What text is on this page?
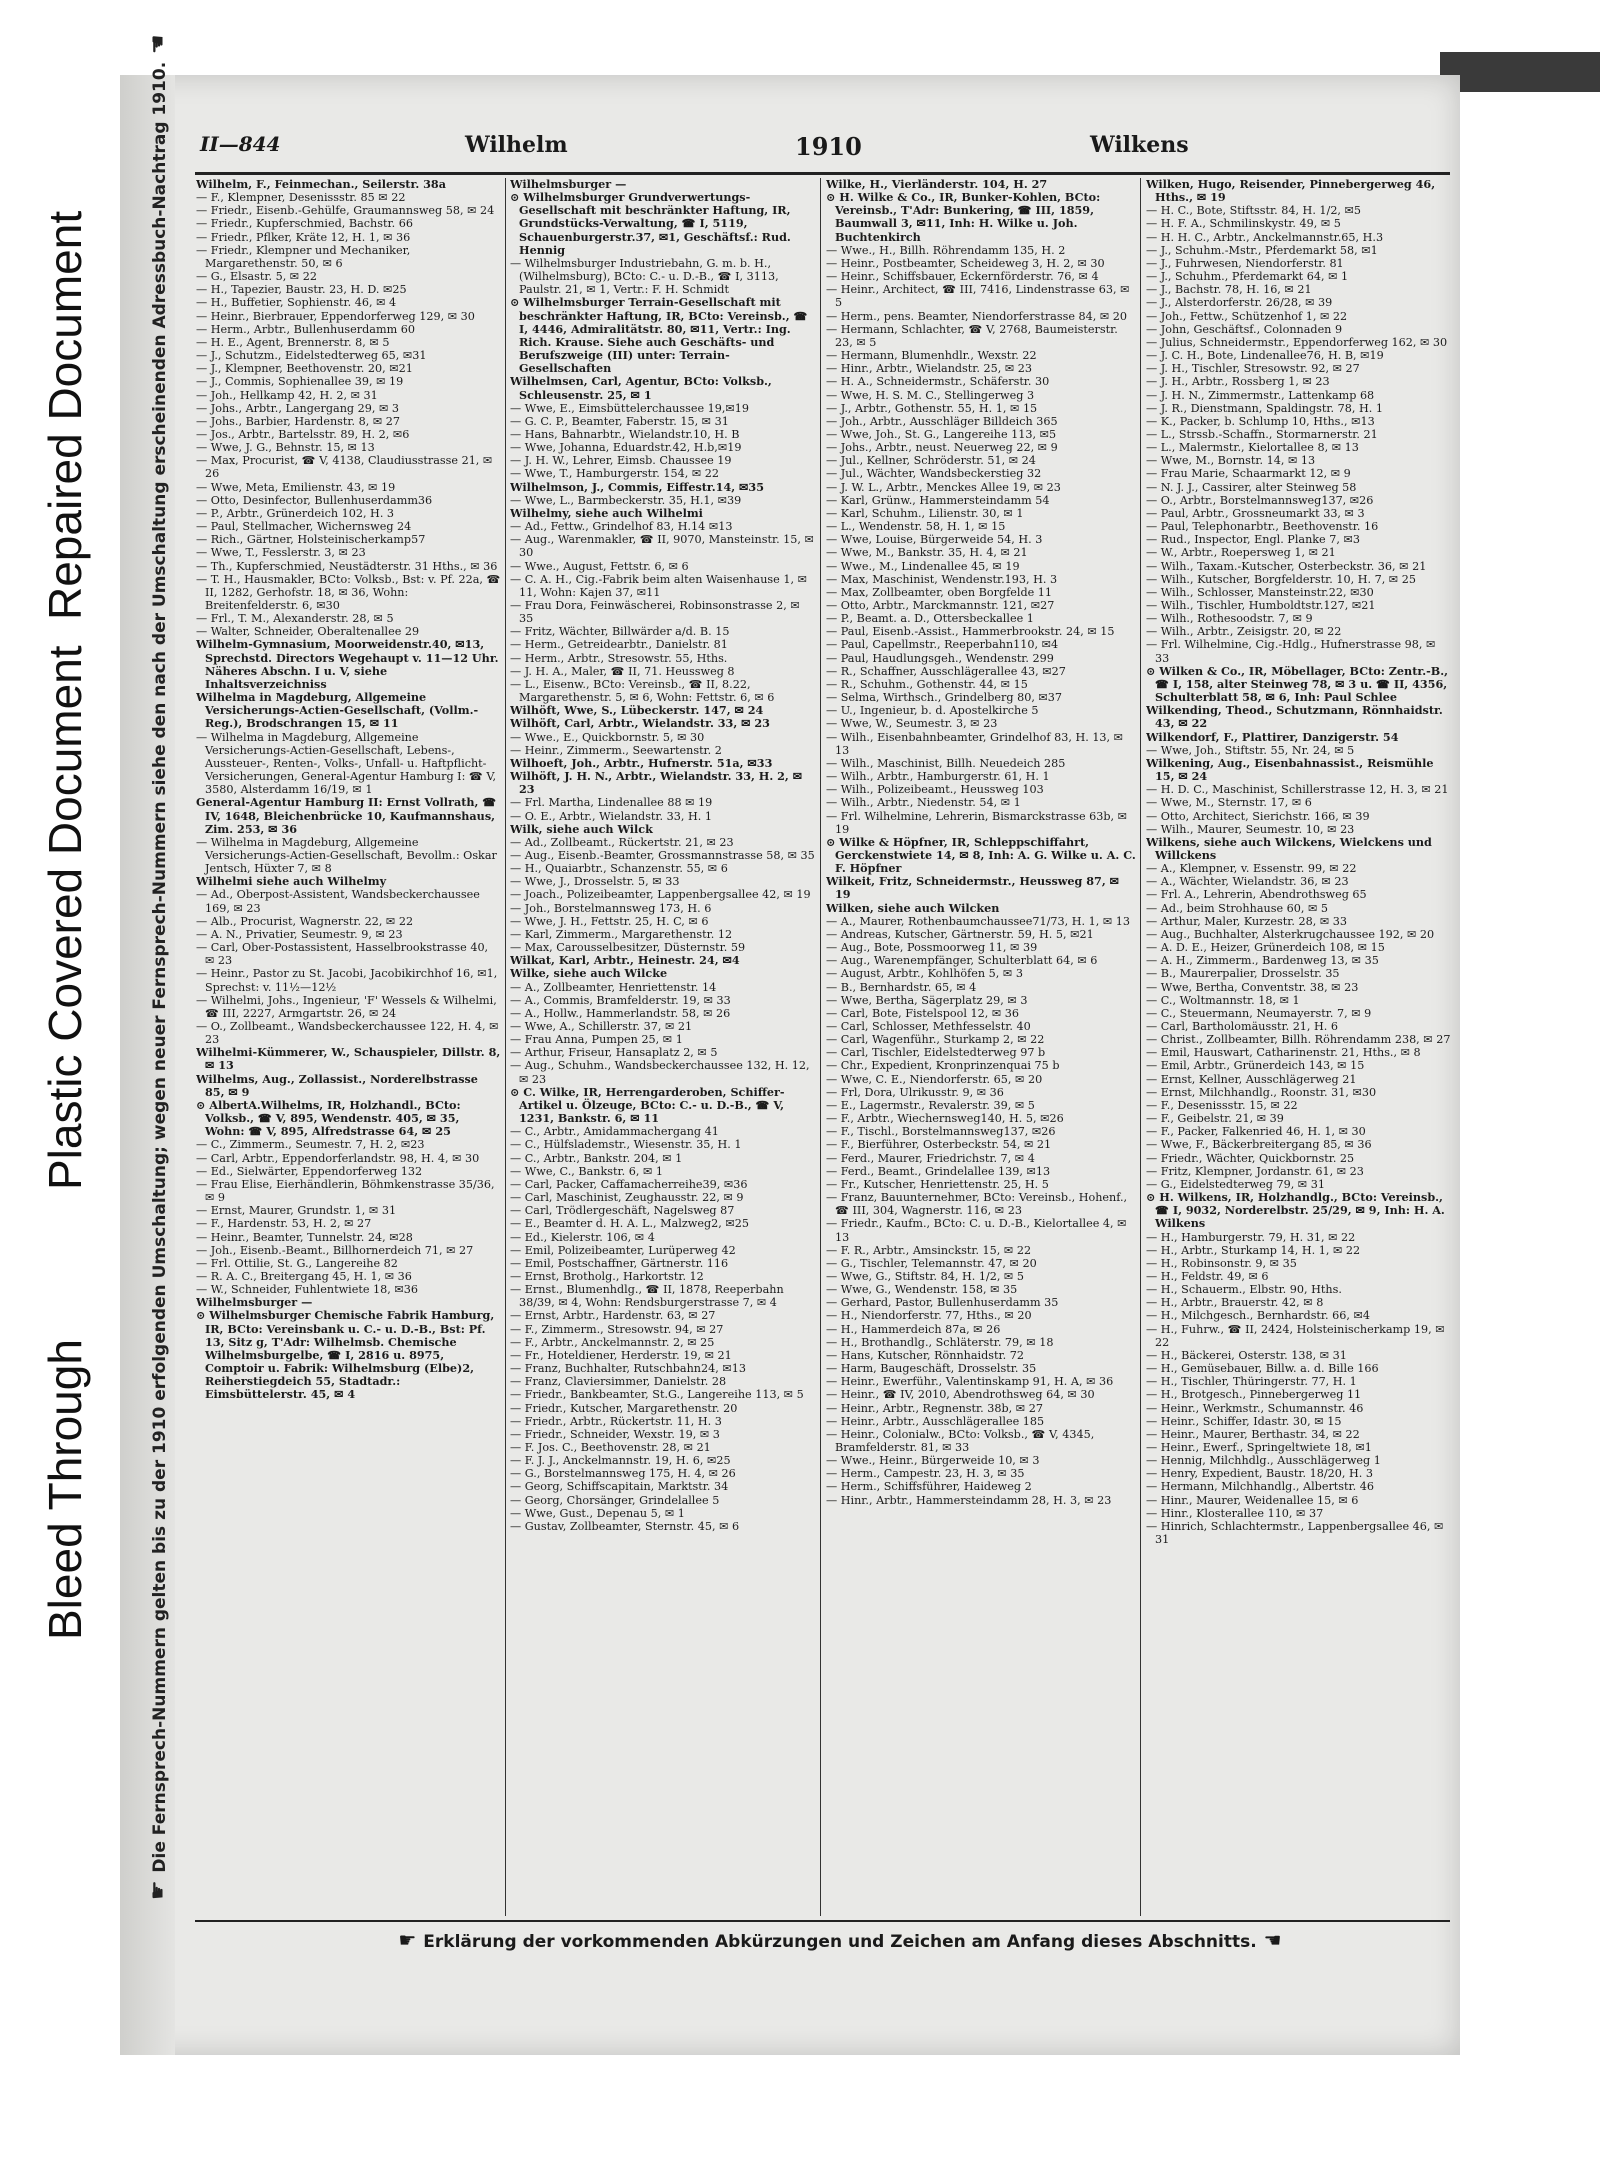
Repaired Document
Plastic Covered Document
Bleed Through
☛ Die Fernsprech-Nummern gelten bis zu der 1910 erfolgenden Umschaltung; wegen neuer Fernsprech-Nummern siehe den nach der Umschaltung erscheinenden Adressbuch-Nachtrag 1910. ☚
II—844	Wilhelm	1910	Wilkens

Wilhelm, F., Feinmechan., Seilerstr. 38a

— F., Klempner, Desenissstr. 85 ✉ 22

— Friedr., Eisenb.-Gehülfe, Graumannsweg 58, ✉ 24

— Friedr., Kupferschmied, Bachstr. 66

— Friedr., Pflker, Kräte 12, H. 1, ✉ 36

— Friedr., Klempner und Mechaniker, Margarethenstr. 50, ✉ 6

— G., Elsastr. 5, ✉ 22

— H., Tapezier, Baustr. 23, H. D. ✉25

— H., Buffetier, Sophienstr. 46, ✉ 4

— Heinr., Bierbrauer, Eppendorferweg 129, ✉ 30

— Herm., Arbtr., Bullenhuserdamm 60

— H. E., Agent, Brennerstr. 8, ✉ 5

— J., Schutzm., Eidelstedterweg 65, ✉31

— J., Klempner, Beethovenstr. 20, ✉21

— J., Commis, Sophienallee 39, ✉ 19

— Joh., Hellkamp 42, H. 2, ✉ 31

— Johs., Arbtr., Langergang 29, ✉ 3

— Johs., Barbier, Hardenstr. 8, ✉ 27

— Jos., Arbtr., Bartelsstr. 89, H. 2, ✉6

— Wwe, J. G., Behnstr. 15, ✉ 13

— Max, Procurist, ☎ V, 4138, Claudiusstrasse 21, ✉ 26

— Wwe, Meta, Emilienstr. 43, ✉ 19

— Otto, Desinfector, Bullenhuserdamm36

— P., Arbtr., Grünerdeich 102, H. 3

— Paul, Stellmacher, Wichernsweg 24

— Rich., Gärtner, Holsteinischerkamp57

— Wwe, T., Fesslerstr. 3, ✉ 23

— Th., Kupferschmied, Neustädterstr. 31 Hths., ✉ 36

— T. H., Hausmakler, BCto: Volksb., Bst: v. Pf. 22a, ☎ II, 1282, Gerhofstr. 18, ✉ 36, Wohn: Breitenfelderstr. 6, ✉30

— Frl., T. M., Alexanderstr. 28, ✉ 5

— Walter, Schneider, Oberaltenallee 29

Wilhelm-Gymnasium, Moorweidenstr.40, ✉13, Sprechstd. Directors Wegehaupt v. 11—12 Uhr. Näheres Abschn. I u. V, siehe Inhaltsverzeichniss

Wilhelma in Magdeburg, Allgemeine Versicherungs-Actien-Gesellschaft, (Vollm.-Reg.), Brodschrangen 15, ✉ 11

— Wilhelma in Magdeburg, Allgemeine Versicherungs-Actien-Gesellschaft, Lebens-, Aussteuer-, Renten-, Volks-, Unfall- u. Haftpflicht-Versicherungen, General-Agentur Hamburg I: ☎ V, 3580, Alsterdamm 16/19, ✉ 1

General-Agentur Hamburg II: Ernst Vollrath, ☎ IV, 1648, Bleichenbrücke 10, Kaufmannshaus, Zim. 253, ✉ 36

— Wilhelma in Magdeburg, Allgemeine Versicherungs-Actien-Gesellschaft, Bevollm.: Oskar Jentsch, Hüxter 7, ✉ 8

Wilhelmi siehe auch Wilhelmy

— Ad., Oberpost-Assistent, Wandsbeckerchaussee 169, ✉ 23

— Alb., Procurist, Wagnerstr. 22, ✉ 22

— A. N., Privatier, Seumestr. 9, ✉ 23

— Carl, Ober-Postassistent, Hasselbrookstrasse 40, ✉ 23

— Heinr., Pastor zu St. Jacobi, Jacobikirchhof 16, ✉1, Sprechst: v. 11½—12½

— Wilhelmi, Johs., Ingenieur, 'F' Wessels & Wilhelmi, ☎ III, 2227, Armgartstr. 26, ✉ 24

— O., Zollbeamt., Wandsbeckerchaussee 122, H. 4, ✉ 23

Wilhelmi-Kümmerer, W., Schauspieler, Dillstr. 8, ✉ 13

Wilhelms, Aug., Zollassist., Norderelbstrasse 85, ✉ 9

⊙ AlbertA.Wilhelms, IR, Holzhandl., BCto: Volksb., ☎ V, 895, Wendenstr. 405, ✉ 35, Wohn: ☎ V, 895, Alfredstrasse 64, ✉ 25

— C., Zimmerm., Seumestr. 7, H. 2, ✉23

— Carl, Arbtr., Eppendorferlandstr. 98, H. 4, ✉ 30

— Ed., Sielwärter, Eppendorferweg 132

— Frau Elise, Eierhändlerin, Böhmkenstrasse 35/36, ✉ 9

— Ernst, Maurer, Grundstr. 1, ✉ 31

— F., Hardenstr. 53, H. 2, ✉ 27

— Heinr., Beamter, Tunnelstr. 24, ✉28

— Joh., Eisenb.-Beamt., Billhornerdeich 71, ✉ 27

— Frl. Ottilie, St. G., Langereihe 82

— R. A. C., Breitergang 45, H. 1, ✉ 36

— W., Schneider, Fuhlentwiete 18, ✉36

Wilhelmsburger —

⊙ Wilhelmsburger Chemische Fabrik Hamburg, IR, BCto: Vereinsbank u. C.- u. D.-B., Bst: Pf. 13, Sitz g, T'Adr: Wilhelmsb. Chemische Wilhelmsburgelbe, ☎ I, 2816 u. 8975, Comptoir u. Fabrik: Wilhelmsburg (Elbe)2, Reiherstiegdeich 55, Stadtadr.: Eimsbüttelerstr. 45, ✉ 4

Wilhelmsburger —

⊙ Wilhelmsburger Grundverwertungs-Gesellschaft mit beschränkter Haftung, IR, Grundstücks-Verwaltung, ☎ I, 5119, Schauenburgerstr.37, ✉1, Geschäftsf.: Rud. Hennig

— Wilhelmsburger Industriebahn, G. m. b. H., (Wilhelmsburg), BCto: C.- u. D.-B., ☎ I, 3113, Paulstr. 21, ✉ 1, Vertr.: F. H. Schmidt

⊙ Wilhelmsburger Terrain-Gesellschaft mit beschränkter Haftung, IR, BCto: Vereinsb., ☎ I, 4446, Admiralitätstr. 80, ✉11, Vertr.: Ing. Rich. Krause. Siehe auch Geschäfts- und Berufszweige (III) unter: Terrain-Gesellschaften

Wilhelmsen, Carl, Agentur, BCto: Volksb., Schleusenstr. 25, ✉ 1

— Wwe, E., Eimsbüttelerchaussee 19,✉19

— G. C. P., Beamter, Faberstr. 15, ✉ 31

— Hans, Bahnarbtr., Wielandstr.10, H. B

— Wwe, Johanna, Eduardstr.42, H.b,✉19

— J. H. W., Lehrer, Eimsb. Chaussee 19

— Wwe, T., Hamburgerstr. 154, ✉ 22

Wilhelmson, J., Commis, Eiffestr.14, ✉35

— Wwe, L., Barmbeckerstr. 35, H.1, ✉39

Wilhelmy, siehe auch Wilhelmi

— Ad., Fettw., Grindelhof 83, H.14 ✉13

— Aug., Warenmakler, ☎ II, 9070, Mansteinstr. 15, ✉ 30

— Wwe., August, Fettstr. 6, ✉ 6

— C. A. H., Cig.-Fabrik beim alten Waisenhause 1, ✉ 11, Wohn: Kajen 37, ✉11

— Frau Dora, Feinwäscherei, Robinsonstrasse 2, ✉ 35

— Fritz, Wächter, Billwärder a/d. B. 15

— Herm., Getreidearbtr., Danielstr. 81

— Herm., Arbtr., Stresowstr. 55, Hths.

— J. H. A., Maler, ☎ II, 71. Heussweg 8

— L., Eisenw., BCto: Vereinsb., ☎ II, 8.22, Margarethenstr. 5, ✉ 6, Wohn: Fettstr. 6, ✉ 6

Wilhöft, Wwe, S., Lübeckerstr. 147, ✉ 24

Wilhöft, Carl, Arbtr., Wielandstr. 33, ✉ 23

— Wwe., E., Quickbornstr. 5, ✉ 30

— Heinr., Zimmerm., Seewartenstr. 2

Wilhoeft, Joh., Arbtr., Hufnerstr. 51a, ✉33

Wilhöft, J. H. N., Arbtr., Wielandstr. 33, H. 2, ✉ 23

— Frl. Martha, Lindenallee 88 ✉ 19

— O. E., Arbtr., Wielandstr. 33, H. 1

Wilk, siehe auch Wilck

— Ad., Zollbeamt., Rückertstr. 21, ✉ 23

— Aug., Eisenb.-Beamter, Grossmannstrasse 58, ✉ 35

— H., Quaiarbtr., Schanzenstr. 55, ✉ 6

— Wwe, J., Drosselstr. 5, ✉ 33

— Joach., Polizeibeamter, Lappenbergsallee 42, ✉ 19

— Joh., Borstelmannsweg 173, H. 6

— Wwe, J. H., Fettstr. 25, H. C, ✉ 6

— Karl, Zimmerm., Margarethenstr. 12

— Max, Carousselbesitzer, Düsternstr. 59

Wilkat, Karl, Arbtr., Heinestr. 24, ✉4

Wilke, siehe auch Wilcke

— A., Zollbeamter, Henriettenstr. 14

— A., Commis, Bramfelderstr. 19, ✉ 33

— A., Hollw., Hammerlandstr. 58, ✉ 26

— Wwe, A., Schillerstr. 37, ✉ 21

— Frau Anna, Pumpen 25, ✉ 1

— Arthur, Friseur, Hansaplatz 2, ✉ 5

— Aug., Schuhm., Wandsbeckerchaussee 132, H. 12, ✉ 23

⊙ C. Wilke, IR, Herrengarderoben, Schiffer-Artikel u. Ölzeuge, BCto: C.- u. D.-B., ☎ V, 1231, Bankstr. 6, ✉ 11

— C., Arbtr., Amidammachergang 41

— C., Hülfslademstr., Wiesenstr. 35, H. 1

— C., Arbtr., Bankstr. 204, ✉ 1

— Wwe, C., Bankstr. 6, ✉ 1

— Carl, Packer, Caffamacherreihe39, ✉36

— Carl, Maschinist, Zeughausstr. 22, ✉ 9

— Carl, Trödlergeschäft, Nagelsweg 87

— E., Beamter d. H. A. L., Malzweg2, ✉25

— Ed., Kielerstr. 106, ✉ 4

— Emil, Polizeibeamter, Lurüperweg 42

— Emil, Postschaffner, Gärtnerstr. 116

— Ernst, Brotholg., Harkortstr. 12

— Ernst., Blumenhdlg., ☎ II, 1878, Reeperbahn 38/39, ✉ 4, Wohn: Rendsburgerstrasse 7, ✉ 4

— Ernst, Arbtr., Hardenstr. 63, ✉ 27

— F., Zimmerm., Stresowstr. 94, ✉ 27

— F., Arbtr., Anckelmannstr. 2, ✉ 25

— Fr., Hoteldiener, Herderstr. 19, ✉ 21

— Franz, Buchhalter, Rutschbahn24, ✉13

— Franz, Claviersimmer, Danielstr. 28

— Friedr., Bankbeamter, St.G., Langereihe 113, ✉ 5

— Friedr., Kutscher, Margarethenstr. 20

— Friedr., Arbtr., Rückertstr. 11, H. 3

— Friedr., Schneider, Wexstr. 19, ✉ 3

— F. Jos. C., Beethovenstr. 28, ✉ 21

— F. J. J., Anckelmannstr. 19, H. 6, ✉25

— G., Borstelmannsweg 175, H. 4, ✉ 26

— Georg, Schiffscapitain, Marktstr. 34

— Georg, Chorsänger, Grindelallee 5

— Wwe, Gust., Depenau 5, ✉ 1

— Gustav, Zollbeamter, Sternstr. 45, ✉ 6

Wilke, H., Vierländerstr. 104, H. 27

⊙ H. Wilke & Co., IR, Bunker-Kohlen, BCto: Vereinsb., T'Adr: Bunkering, ☎ III, 1859, Baumwall 3, ✉11, Inh: H. Wilke u. Joh. Buchtenkirch

— Wwe., H., Billh. Röhrendamm 135, H. 2

— Heinr., Postbeamter, Scheideweg 3, H. 2, ✉ 30

— Heinr., Schiffsbauer, Eckernförderstr. 76, ✉ 4

— Heinr., Architect, ☎ III, 7416, Lindenstrasse 63, ✉ 5

— Herm., pens. Beamter, Niendorferstrasse 84, ✉ 20

— Hermann, Schlachter, ☎ V, 2768, Baumeisterstr. 23, ✉ 5

— Hermann, Blumenhdlr., Wexstr. 22

— Hinr., Arbtr., Wielandstr. 25, ✉ 23

— H. A., Schneidermstr., Schäferstr. 30

— Wwe, H. S. M. C., Stellingerweg 3

— J., Arbtr., Gothenstr. 55, H. 1, ✉ 15

— Joh., Arbtr., Ausschläger Billdeich 365

— Wwe, Joh., St. G., Langereihe 113, ✉5

— Johs., Arbtr., neust. Neuerweg 22, ✉ 9

— Jul., Kellner, Schröderstr. 51, ✉ 24

— Jul., Wächter, Wandsbeckerstieg 32

— J. W. L., Arbtr., Menckes Allee 19, ✉ 23

— Karl, Grünw., Hammersteindamm 54

— Karl, Schuhm., Lilienstr. 30, ✉ 1

— L., Wendenstr. 58, H. 1, ✉ 15

— Wwe, Louise, Bürgerweide 54, H. 3

— Wwe, M., Bankstr. 35, H. 4, ✉ 21

— Wwe., M., Lindenallee 45, ✉ 19

— Max, Maschinist, Wendenstr.193, H. 3

— Max, Zollbeamter, oben Borgfelde 11

— Otto, Arbtr., Marckmannstr. 121, ✉27

— P., Beamt. a. D., Ottersbeckallee 1

— Paul, Eisenb.-Assist., Hammerbrookstr. 24, ✉ 15

— Paul, Capellmstr., Reeperbahn110, ✉4

— Paul, Haudlungsgeh., Wendenstr. 299

— R., Schaffner, Ausschlägerallee 43, ✉27

— R., Schuhm., Gothenstr. 44, ✉ 15

— Selma, Wirthsch., Grindelberg 80, ✉37

— U., Ingenieur, b. d. Apostelkirche 5

— Wwe, W., Seumestr. 3, ✉ 23

— Wilh., Eisenbahnbeamter, Grindelhof 83, H. 13, ✉ 13

— Wilh., Maschinist, Billh. Neuedeich 285

— Wilh., Arbtr., Hamburgerstr. 61, H. 1

— Wilh., Polizeibeamt., Heussweg 103

— Wilh., Arbtr., Niedenstr. 54, ✉ 1

— Frl. Wilhelmine, Lehrerin, Bismarckstrasse 63b, ✉ 19

⊙ Wilke & Höpfner, IR, Schleppschiffahrt, Gerckenstwiete 14, ✉ 8, Inh: A. G. Wilke u. A. C. F. Höpfner

Wilkeit, Fritz, Schneidermstr., Heussweg 87, ✉ 19

Wilken, siehe auch Wilcken

— A., Maurer, Rothenbaumchaussee71/73, H. 1, ✉ 13

— Andreas, Kutscher, Gärtnerstr. 59, H. 5, ✉21

— Aug., Bote, Possmoorweg 11, ✉ 39

— Aug., Warenempfänger, Schulterblatt 64, ✉ 6

— August, Arbtr., Kohlhöfen 5, ✉ 3

— B., Bernhardstr. 65, ✉ 4

— Wwe, Bertha, Sägerplatz 29, ✉ 3

— Carl, Bote, Fistelspool 12, ✉ 36

— Carl, Schlosser, Methfesselstr. 40

— Carl, Wagenführ., Sturkamp 2, ✉ 22

— Carl, Tischler, Eidelstedterweg 97 b

— Chr., Expedient, Kronprinzenquai 75 b

— Wwe, C. E., Niendorferstr. 65, ✉ 20

— Frl, Dora, Ulrikusstr. 9, ✉ 36

— E., Lagermstr., Revalerstr. 39, ✉ 5

— F., Arbtr., Wiechernsweg140, H. 5, ✉26

— F., Tischl., Borstelmannsweg137, ✉26

— F., Bierführer, Osterbeckstr. 54, ✉ 21

— Ferd., Maurer, Friedrichstr. 7, ✉ 4

— Ferd., Beamt., Grindelallee 139, ✉13

— Fr., Kutscher, Henriettenstr. 25, H. 5

— Franz, Bauunternehmer, BCto: Vereinsb., Hohenf., ☎ III, 304, Wagnerstr. 116, ✉ 23

— Friedr., Kaufm., BCto: C. u. D.-B., Kielortallee 4, ✉ 13

— F. R., Arbtr., Amsinckstr. 15, ✉ 22

— G., Tischler, Telemannstr. 47, ✉ 20

— Wwe, G., Stiftstr. 84, H. 1/2, ✉ 5

— Wwe, G., Wendenstr. 158, ✉ 35

— Gerhard, Pastor, Bullenhuserdamm 35

— H., Niendorferstr. 77, Hths., ✉ 20

— H., Hammerdeich 87a, ✉ 26

— H., Brothandlg., Schläterstr. 79, ✉ 18

— Hans, Kutscher, Rönnhaidstr. 72

— Harm, Baugeschäft, Drosselstr. 35

— Heinr., Ewerführ., Valentinskamp 91, H. A, ✉ 36

— Heinr., ☎ IV, 2010, Abendrothsweg 64, ✉ 30

— Heinr., Arbtr., Regnenstr. 38b, ✉ 27

— Heinr., Arbtr., Ausschlägerallee 185

— Heinr., Colonialw., BCto: Volksb., ☎ V, 4345, Bramfelderstr. 81, ✉ 33

— Wwe., Heinr., Bürgerweide 10, ✉ 3

— Herm., Campestr. 23, H. 3, ✉ 35

— Herm., Schiffsführer, Haideweg 2

— Hinr., Arbtr., Hammersteindamm 28, H. 3, ✉ 23

Wilken, Hugo, Reisender, Pinnebergerweg 46, Hths., ✉ 19

— H. C., Bote, Stiftsstr. 84, H. 1/2, ✉5

— H. F. A., Schmilinskystr. 49, ✉ 5

— H. H. C., Arbtr., Anckelmannstr.65, H.3

— J., Schuhm.-Mstr., Pferdemarkt 58, ✉1

— J., Fuhrwesen, Niendorferstr. 81

— J., Schuhm., Pferdemarkt 64, ✉ 1

— J., Bachstr. 78, H. 16, ✉ 21

— J., Alsterdorferstr. 26/28, ✉ 39

— Joh., Fettw., Schützenhof 1, ✉ 22

— John, Geschäftsf., Colonnaden 9

— Julius, Schneidermstr., Eppendorferweg 162, ✉ 30

— J. C. H., Bote, Lindenallee76, H. B, ✉19

— J. H., Tischler, Stresowstr. 92, ✉ 27

— J. H., Arbtr., Rossberg 1, ✉ 23

— J. H. N., Zimmermstr., Lattenkamp 68

— J. R., Dienstmann, Spaldingstr. 78, H. 1

— K., Packer, b. Schlump 10, Hths., ✉13

— L., Strssb.-Schaffn., Stormarnerstr. 21

— L., Malermstr., Kielortallee 8, ✉ 13

— Wwe, M., Bornstr. 14, ✉ 13

— Frau Marie, Schaarmarkt 12, ✉ 9

— N. J. J., Cassirer, alter Steinweg 58

— O., Arbtr., Borstelmannsweg137, ✉26

— Paul, Arbtr., Grossneumarkt 33, ✉ 3

— Paul, Telephonarbtr., Beethovenstr. 16

— Rud., Inspector, Engl. Planke 7, ✉3

— W., Arbtr., Roepersweg 1, ✉ 21

— Wilh., Taxam.-Kutscher, Osterbeckstr. 36, ✉ 21

— Wilh., Kutscher, Borgfelderstr. 10, H. 7, ✉ 25

— Wilh., Schlosser, Mansteinstr.22, ✉30

— Wilh., Tischler, Humboldtstr.127, ✉21

— Wilh., Rothesoodstr. 7, ✉ 9

— Wilh., Arbtr., Zeisigstr. 20, ✉ 22

— Frl. Wilhelmine, Cig.-Hdlg., Hufnerstrasse 98, ✉ 33

⊙ Wilken & Co., IR, Möbellager, BCto: Zentr.-B., ☎ I, 158, alter Steinweg 78, ✉ 3 u. ☎ II, 4356, Schulterblatt 58, ✉ 6, Inh: Paul Schlee

Wilkending, Theod., Schutzmann, Rönnhaidstr. 43, ✉ 22

Wilkendorf, F., Plattirer, Danzigerstr. 54

— Wwe, Joh., Stiftstr. 55, Nr. 24, ✉ 5

Wilkening, Aug., Eisenbahnassist., Reismühle 15, ✉ 24

— H. D. C., Maschinist, Schillerstrasse 12, H. 3, ✉ 21

— Wwe, M., Sternstr. 17, ✉ 6

— Otto, Architect, Sierichstr. 166, ✉ 39

— Wilh., Maurer, Seumestr. 10, ✉ 23

Wilkens, siehe auch Wilckens, Wielckens und Willckens

— A., Klempner, v. Essenstr. 99, ✉ 22

— A., Wächter, Wielandstr. 36, ✉ 23

— Frl. A., Lehrerin, Abendrothsweg 65

— Ad., beim Strohhause 60, ✉ 5

— Arthur, Maler, Kurzestr. 28, ✉ 33

— Aug., Buchhalter, Alsterkrugchaussee 192, ✉ 20

— A. D. E., Heizer, Grünerdeich 108, ✉ 15

— A. H., Zimmerm., Bardenweg 13, ✉ 35

— B., Maurerpalier, Drosselstr. 35

— Wwe, Bertha, Conventstr. 38, ✉ 23

— C., Woltmannstr. 18, ✉ 1

— C., Steuermann, Neumayerstr. 7, ✉ 9

— Carl, Bartholomäusstr. 21, H. 6

— Christ., Zollbeamter, Billh. Röhrendamm 238, ✉ 27

— Emil, Hauswart, Catharinenstr. 21, Hths., ✉ 8

— Emil, Arbtr., Grünerdeich 143, ✉ 15

— Ernst, Kellner, Ausschlägerweg 21

— Ernst, Milchhandlg., Roonstr. 31, ✉30

— F., Desenissstr. 15, ✉ 22

— F., Geibelstr. 21, ✉ 39

— F., Packer, Falkenried 46, H. 1, ✉ 30

— Wwe, F., Bäckerbreitergang 85, ✉ 36

— Friedr., Wächter, Quickbornstr. 25

— Fritz, Klempner, Jordanstr. 61, ✉ 23

— G., Eidelstedterweg 79, ✉ 31

⊙ H. Wilkens, IR, Holzhandlg., BCto: Vereinsb., ☎ I, 9032, Norderelbstr. 25/29, ✉ 9, Inh: H. A. Wilkens

— H., Hamburgerstr. 79, H. 31, ✉ 22

— H., Arbtr., Sturkamp 14, H. 1, ✉ 22

— H., Robinsonstr. 9, ✉ 35

— H., Feldstr. 49, ✉ 6

— H., Schauerm., Elbstr. 90, Hths.

— H., Arbtr., Brauerstr. 42, ✉ 8

— H., Milchgesch., Bernhardstr. 66, ✉4

— H., Fuhrw., ☎ II, 2424, Holsteinischerkamp 19, ✉ 22

— H., Bäckerei, Osterstr. 138, ✉ 31

— H., Gemüsebauer, Billw. a. d. Bille 166

— H., Tischler, Thüringerstr. 77, H. 1

— H., Brotgesch., Pinnebergerweg 11

— Heinr., Werkmstr., Schumannstr. 46

— Heinr., Schiffer, Idastr. 30, ✉ 15

— Heinr., Maurer, Berthastr. 34, ✉ 22

— Heinr., Ewerf., Springeltwiete 18, ✉1

— Hennig, Milchhdlg., Ausschlägerweg 1

— Henry, Expedient, Baustr. 18/20, H. 3

— Hermann, Milchhandlg., Albertstr. 46

— Hinr., Maurer, Weidenallee 15, ✉ 6

— Hinr., Klosterallee 110, ✉ 37

— Hinrich, Schlachtermstr., Lappenbergsallee 46, ✉ 31

☛ Erklärung der vorkommenden Abkürzungen und Zeichen am Anfang dieses Abschnitts. ☚
